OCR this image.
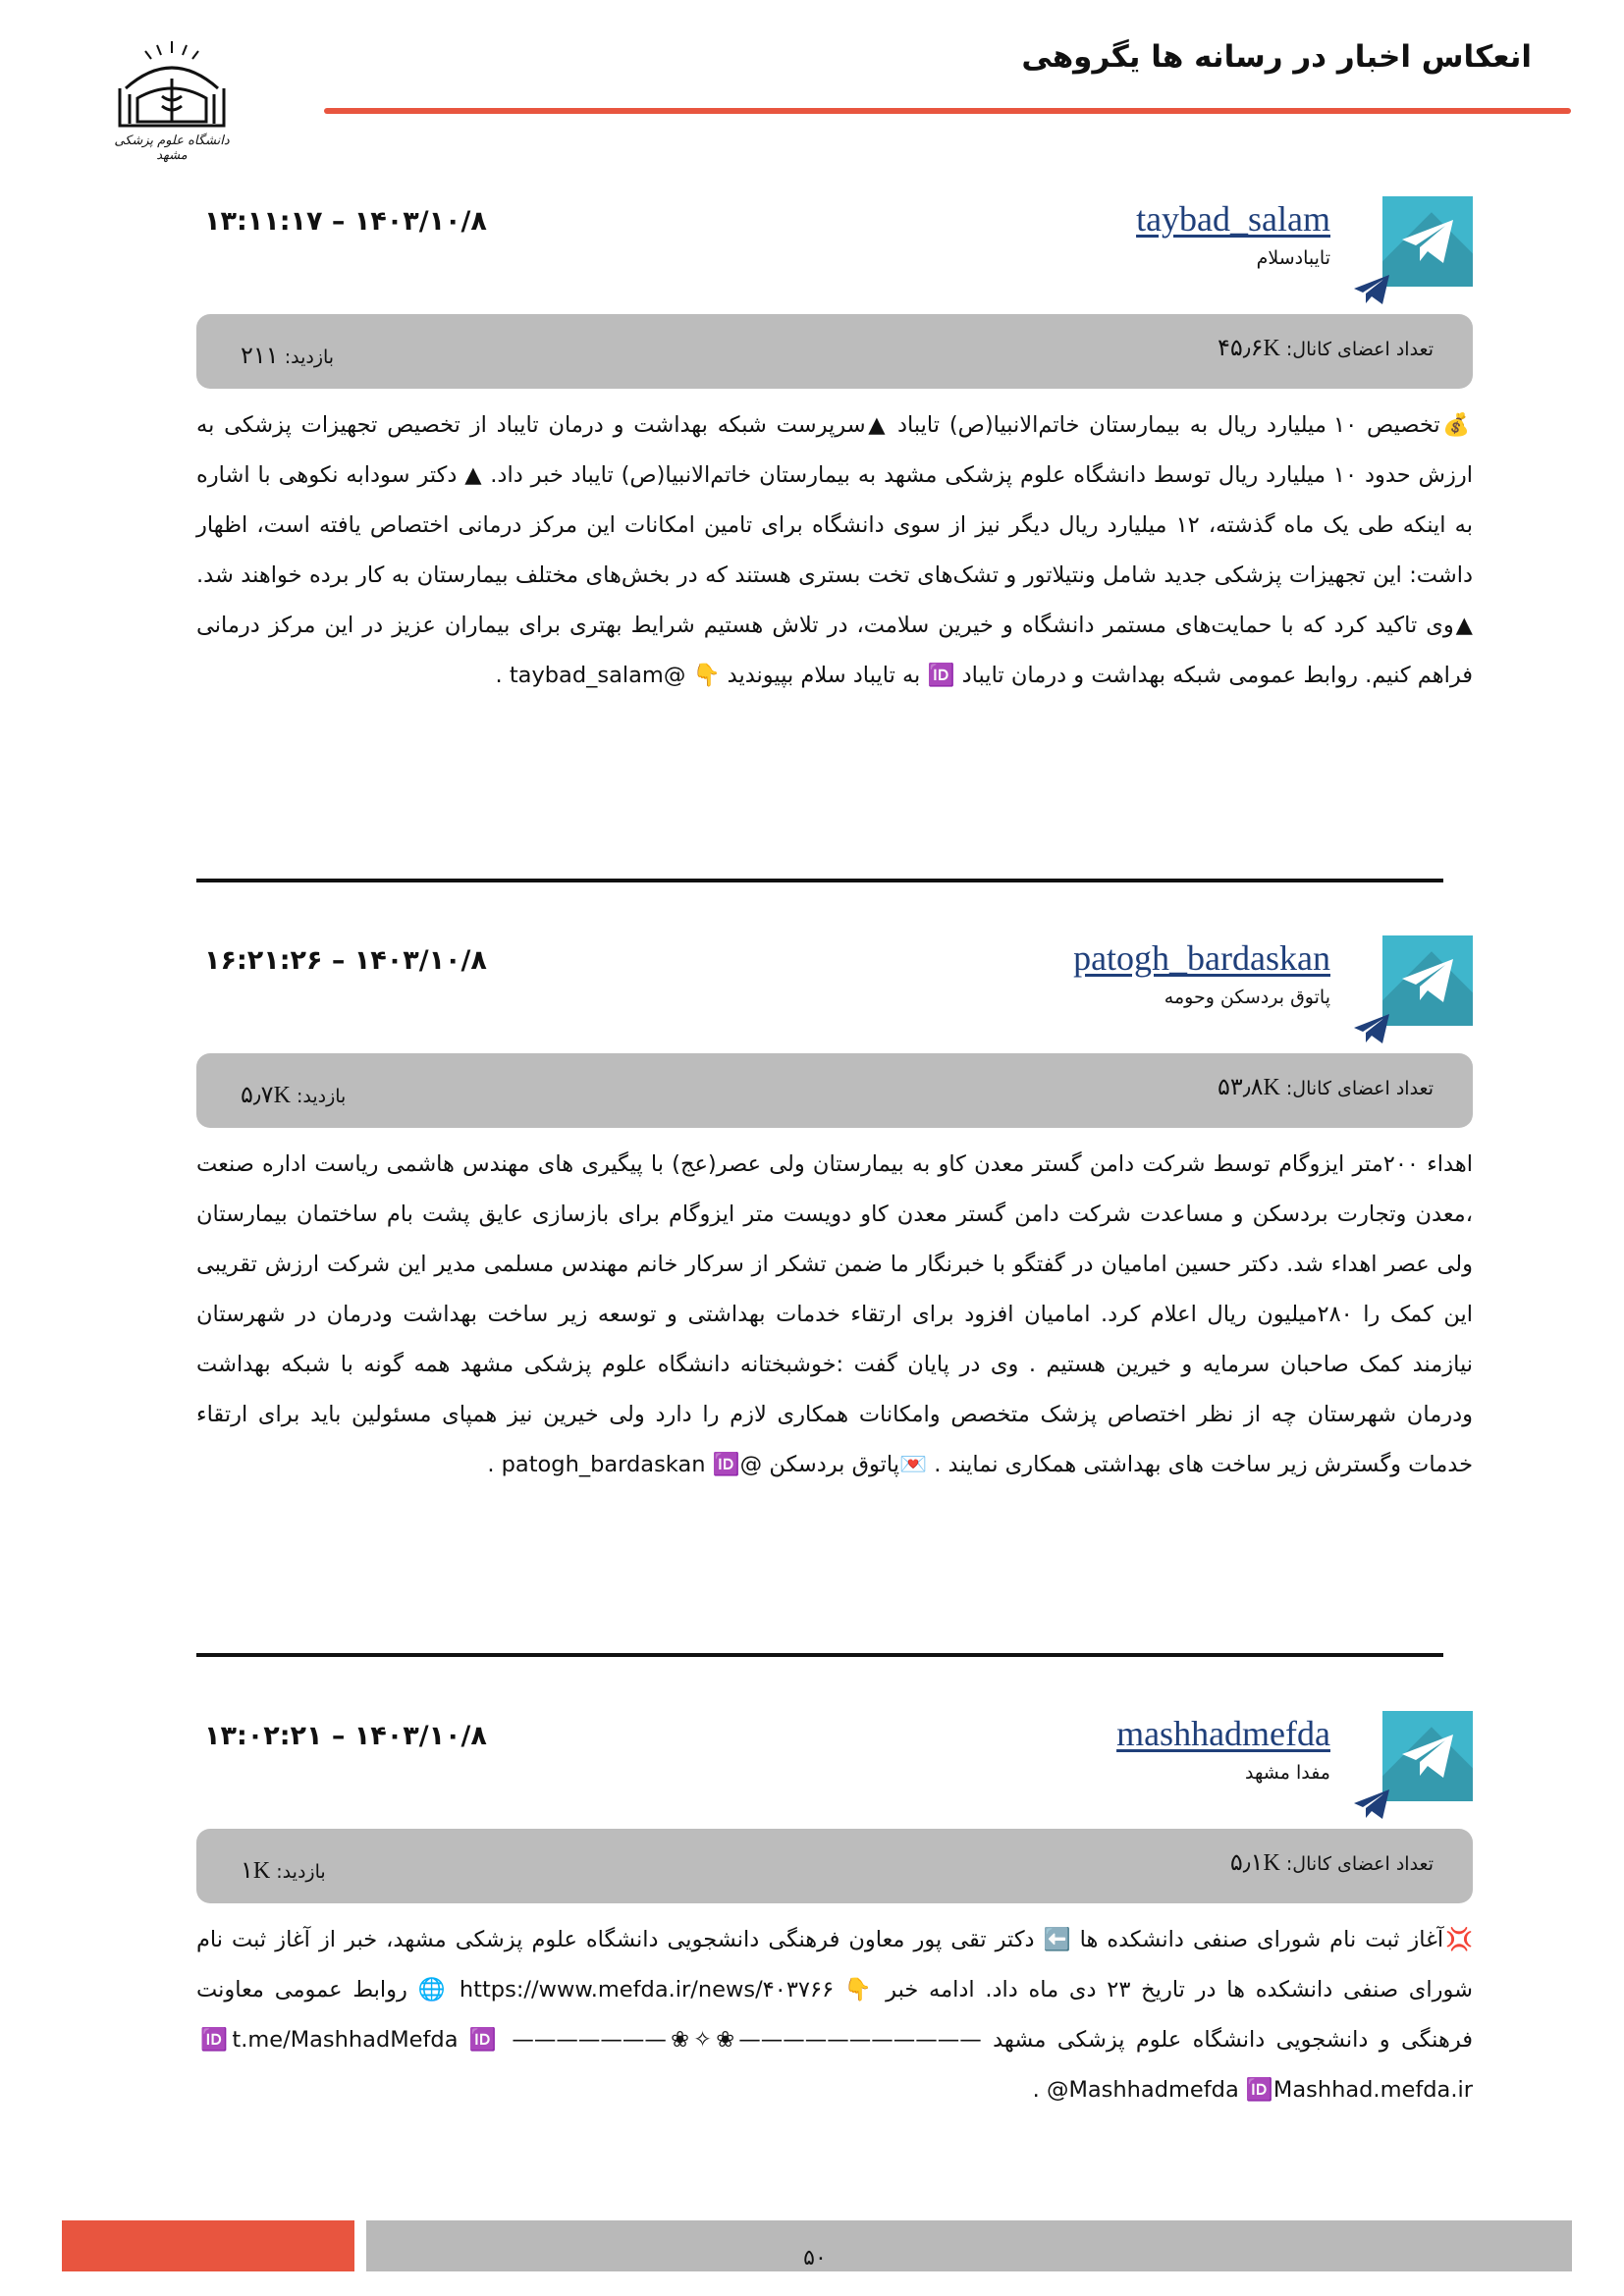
انعکاس اخبار در رسانه ها یگروهی
دانشگاه علوم پزشکی مشهد
taybad_salam
تایبادسلام
۱۴۰۳/۱۰/۸ – ۱۳:۱۱:۱۷
تعداد اعضای کانال: ۴۵٫۶K
بازدید: ۲۱۱
💰تخصیص ۱۰ میلیارد ریال به بیمارستان خاتم‌الانبیا(ص) تایباد ▲سرپرست شبکه بهداشت و درمان تایباد از تخصیص تجهیزات پزشکی به ارزش حدود ۱۰ میلیارد ریال توسط دانشگاه علوم پزشکی مشهد به بیمارستان خاتم‌الانبیا(ص) تایباد خبر داد. ▲ دکتر سودابه نکوهی با اشاره به اینکه طی یک ماه گذشته، ۱۲ میلیارد ریال دیگر نیز از سوی دانشگاه برای تامین امکانات این مرکز درمانی اختصاص یافته است، اظهار داشت: این تجهیزات پزشکی جدید شامل ونتیلاتور و تشک‌های تخت بستری هستند که در بخش‌های مختلف بیمارستان به کار برده خواهند شد. ▲وی تاکید کرد که با حمایت‌های مستمر دانشگاه و خیرین سلامت، در تلاش هستیم شرایط بهتری برای بیماران عزیز در این مرکز درمانی فراهم کنیم. روابط عمومی شبکه بهداشت و درمان تایباد 🆔 به تایباد سلام بپیوندید 👇 @taybad_salam .
patogh_bardaskan
پاتوق بردسکن وحومه
۱۴۰۳/۱۰/۸ – ۱۶:۲۱:۲۶
تعداد اعضای کانال: ۵۳٫۸K
بازدید: ۵٫۷K
اهداء ۲۰۰متر ایزوگام توسط شرکت دامن گستر معدن کاو به بیمارستان ولی عصر(عج) با پیگیری های مهندس هاشمی ریاست اداره صنعت ،معدن وتجارت بردسکن و مساعدت شرکت دامن گستر معدن کاو دویست متر ایزوگام برای بازسازی عایق پشت بام ساختمان بیمارستان ولی عصر اهداء شد. دکتر حسین امامیان در گفتگو با خبرنگار ما ضمن تشکر از سرکار خانم مهندس مسلمی مدیر این شرکت ارزش تقریبی این کمک را ۲۸۰میلیون ریال اعلام کرد. امامیان افزود برای ارتقاء خدمات بهداشتی و توسعه زیر ساخت بهداشت ودرمان در شهرستان نیازمند کمک صاحبان سرمایه و خیرین هستیم . وی در پایان گفت :خوشبختانه دانشگاه علوم پزشکی مشهد همه گونه با شبکه بهداشت ودرمان شهرستان چه از نظر اختصاص پزشک متخصص وامکانات همکاری لازم را دارد ولی خیرین نیز همپای مسئولین باید برای ارتقاء خدمات وگسترش زیر ساخت های بهداشتی همکاری نمایند . 💌پاتوق بردسکن @patogh_bardaskan 🆔 .
mashhadmefda
مفدا مشهد
۱۴۰۳/۱۰/۸ – ۱۳:۰۲:۲۱
تعداد اعضای کانال: ۵٫۱K
بازدید: ۱K
💢آغاز ثبت نام شورای صنفی دانشکده ها ⬅️ دکتر تقی پور معاون فرهنگی دانشجویی دانشگاه علوم پزشکی مشهد، خبر از آغاز ثبت نام شورای صنفی دانشکده ها در تاریخ ۲۳ دی ماه داد. ادامه خبر 👇 https://www.mefda.ir/news/۴۰۳۷۶۶ 🌐 روابط عمومی معاونت فرهنگی و دانشجویی دانشگاه علوم پزشکی مشهد ———————————❀✧❀——————— 🆔t.me/MashhadMefda 🆔 @Mashhadmefda 🆔Mashhad.mefda.ir .
۵۰
